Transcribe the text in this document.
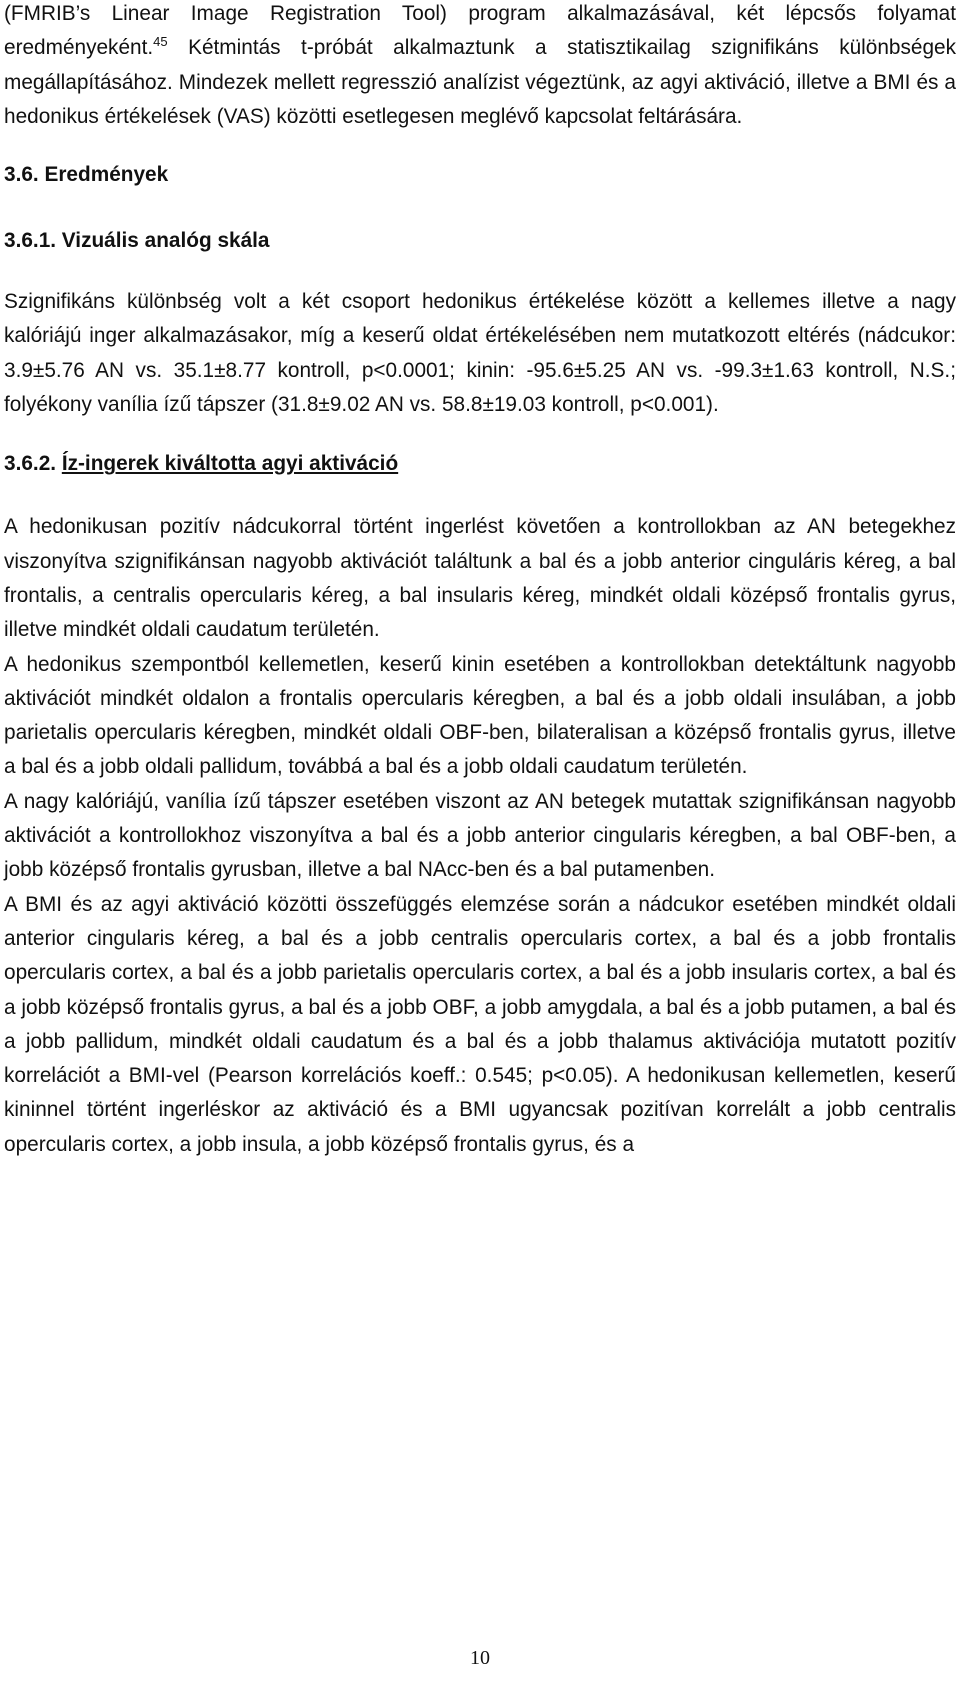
(FMRIB’s Linear Image Registration Tool) program alkalmazásával, két lépcsős folyamat eredményeként.$^{45}$ Kétmintás t-próbát alkalmaztunk a statisztikailag szignifikáns különbségek megállapításához. Mindezek mellett regresszió analízist végeztünk, az agyi aktiváció, illetve a BMI és a hedonikus értékelések (VAS) közötti esetlegesen meglévő kapcsolat feltárására.

3.6. Eredmények
3.6.1. Vizuális analóg skála

Szignifikáns különbség volt a két csoport hedonikus értékelése között a kellemes illetve a nagy kalóriájú inger alkalmazásakor, míg a keserű oldat értékelésében nem mutatkozott eltérés (nádcukor: 3.9±5.76 AN vs. 35.1±8.77 kontroll, p<0.0001; kinin: -95.6±5.25 AN vs. -99.3±1.63 kontroll, N.S.; folyékony vanília ízű tápszer (31.8±9.02 AN vs. 58.8±19.03 kontroll, p<0.001).

3.6.2. Íz-ingerek kiváltotta agyi aktiváció

A hedonikusan pozitív nádcukorral történt ingerlést követően a kontrollokban az AN betegekhez viszonyítva szignifikánsan nagyobb aktivációt találtunk a bal és a jobb anterior cinguláris kéreg, a bal frontalis, a centralis opercularis kéreg, a bal insularis kéreg, mindkét oldali középső frontalis gyrus, illetve mindkét oldali caudatum területén.

A hedonikus szempontból kellemetlen, keserű kinin esetében a kontrollokban detektáltunk nagyobb aktivációt mindkét oldalon a frontalis opercularis kéregben, a bal és a jobb oldali insulában, a jobb parietalis opercularis kéregben, mindkét oldali OBF-ben, bilateralisan a középső frontalis gyrus, illetve a bal és a jobb oldali pallidum, továbbá a bal és a jobb oldali caudatum területén.

A nagy kalóriájú, vanília ízű tápszer esetében viszont az AN betegek mutattak szignifikánsan nagyobb aktivációt a kontrollokhoz viszonyítva a bal és a jobb anterior cingularis kéregben, a bal OBF-ben, a jobb középső frontalis gyrusban, illetve a bal NAcc-ben és a bal putamenben.

A BMI és az agyi aktiváció közötti összefüggés elemzése során a nádcukor esetében mindkét oldali anterior cingularis kéreg, a bal és a jobb centralis opercularis cortex, a bal és a jobb frontalis opercularis cortex, a bal és a jobb parietalis opercularis cortex, a bal és a jobb insularis cortex, a bal és a jobb középső frontalis gyrus, a bal és a jobb OBF, a jobb amygdala, a bal és a jobb putamen, a bal és a jobb pallidum, mindkét oldali caudatum és a bal és a jobb thalamus aktivációja mutatott pozitív korrelációt a BMI-vel (Pearson korrelációs koeff.: 0.545; p<0.05). A hedonikusan kellemetlen, keserű kininnel történt ingerléskor az aktiváció és a BMI ugyancsak pozitívan korrelált a jobb centralis opercularis cortex, a jobb insula, a jobb középső frontalis gyrus, és a

10
